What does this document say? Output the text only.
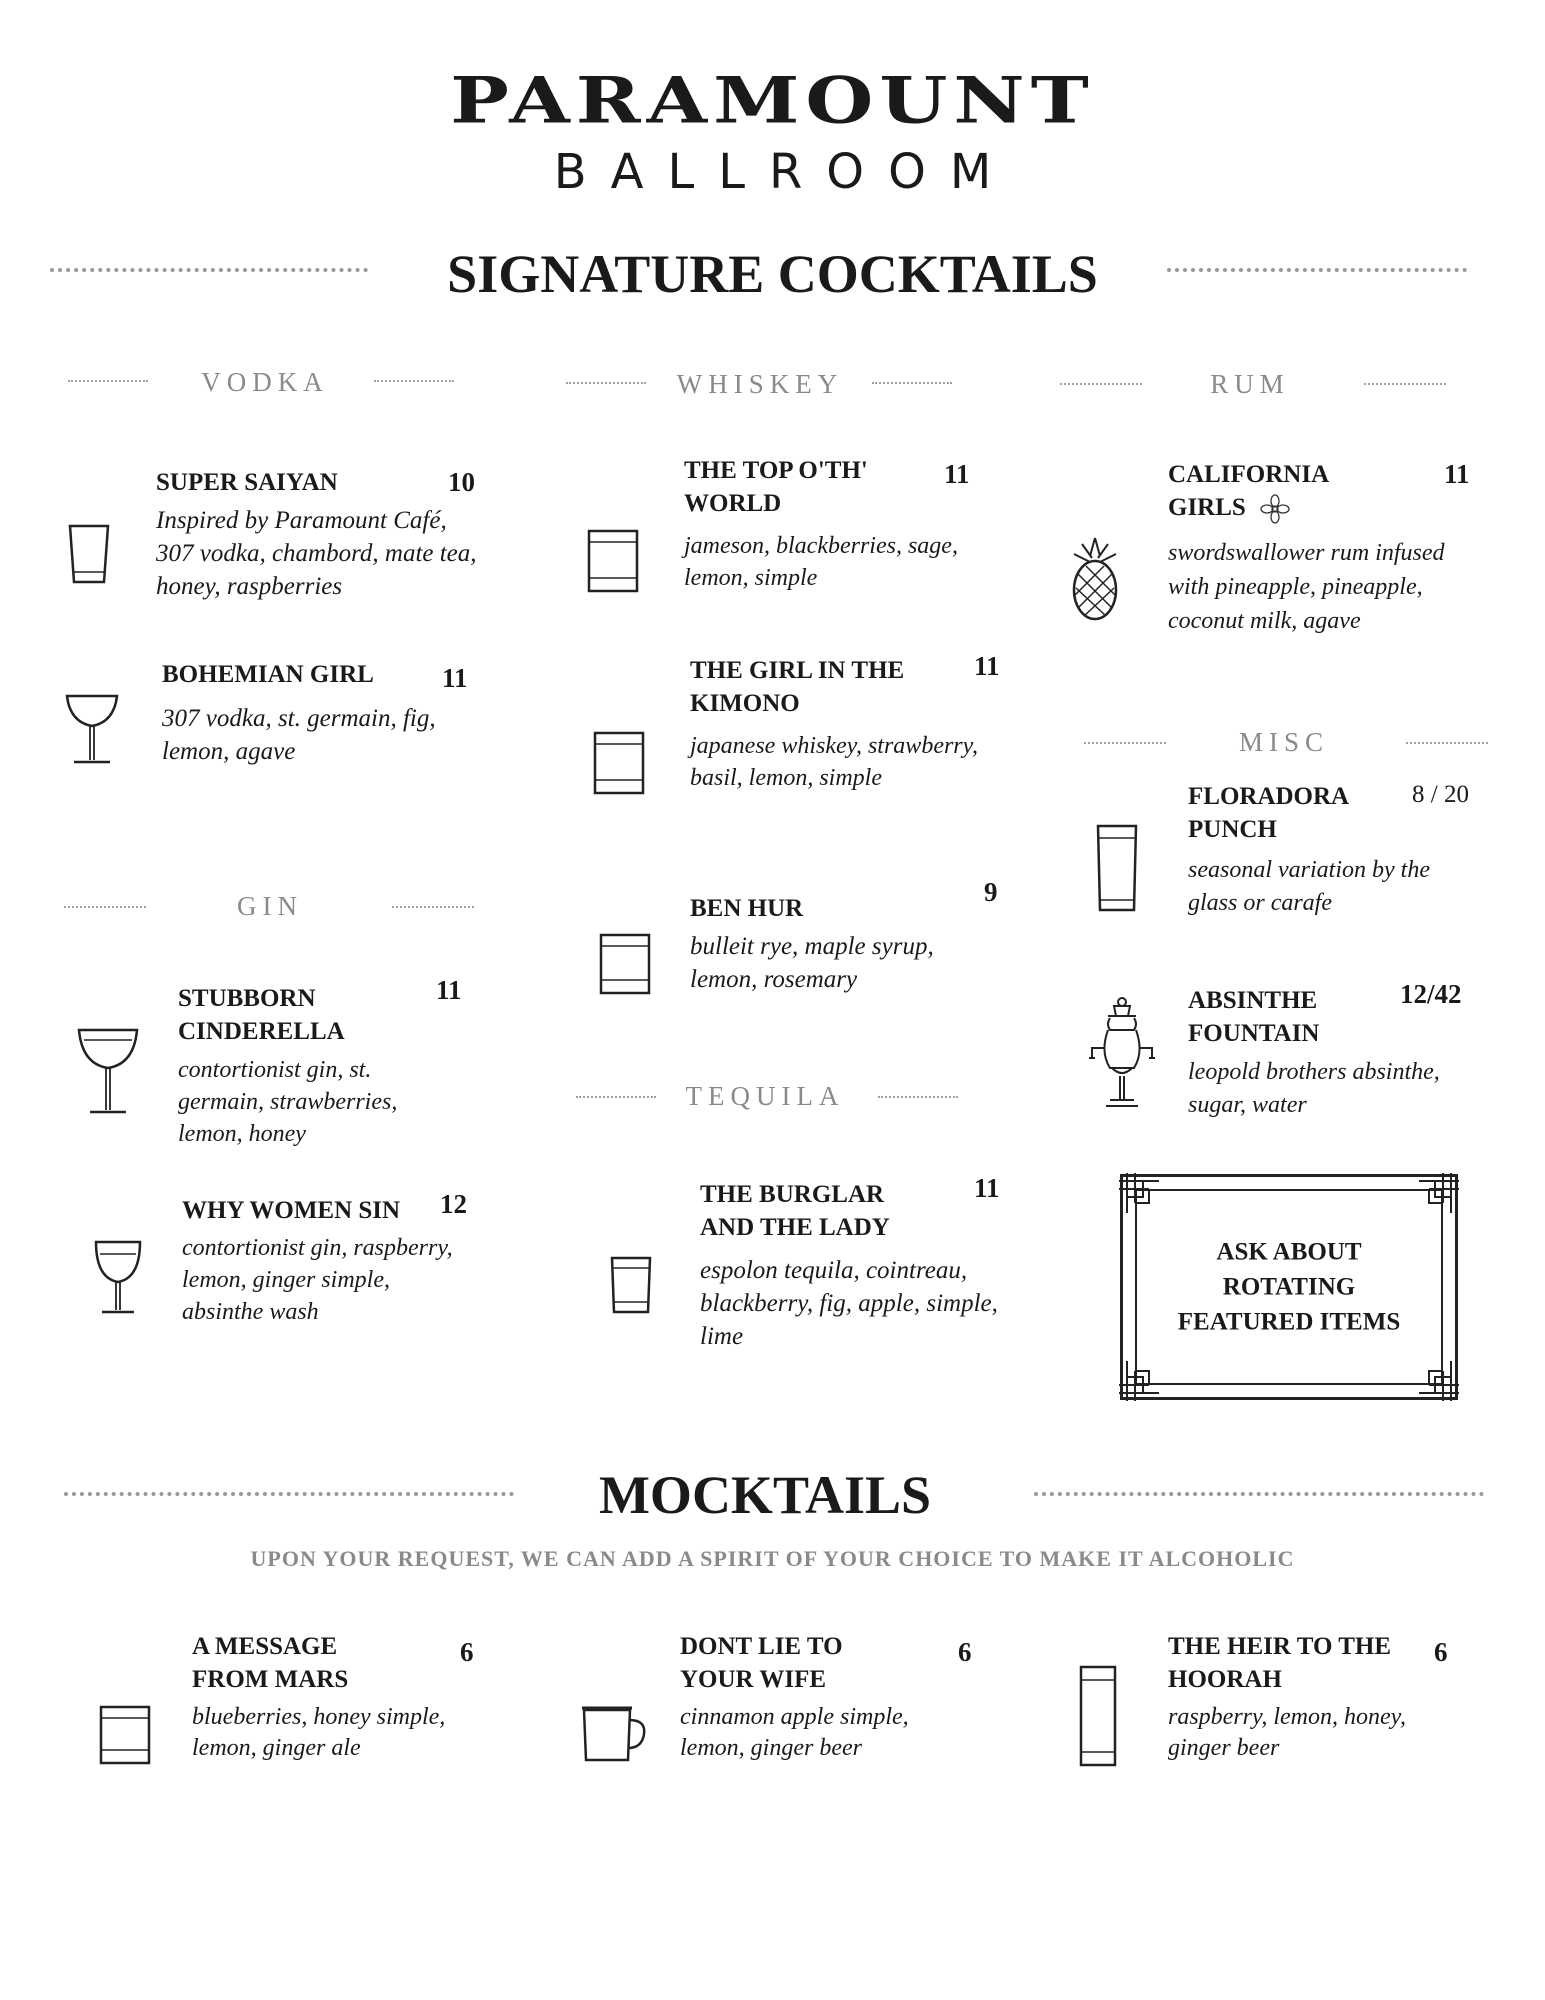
PARAMOUNT
BALLROOM
SIGNATURE COCKTAILS
VODKA
SUPER SAIYAN	10
Inspired by Paramount Café, 307 vodka, chambord, mate tea, honey, raspberries
BOHEMIAN GIRL	11
307 vodka, st. germain, fig, lemon, agave
GIN
STUBBORN
CINDERELLA
11
contortionist gin, st. germain, strawberries, lemon, honey
WHY WOMEN SIN	12
contortionist gin, raspberry, lemon, ginger simple, absinthe wash
WHISKEY
THE TOP O'TH'
WORLD
11
jameson, blackberries, sage, lemon, simple
THE GIRL IN THE
KIMONO
11
japanese whiskey, strawberry, basil, lemon, simple
BEN HUR
9
bulleit rye, maple syrup, lemon, rosemary
TEQUILA
THE BURGLAR
AND THE LADY
11
espolon tequila, cointreau, blackberry, fig, apple, simple, lime
RUM
CALIFORNIA
GIRLS
11
swordswallower rum infused with pineapple, pineapple, coconut milk, agave
MISC
FLORADORA
PUNCH
8 / 20
seasonal variation by the glass or carafe
ABSINTHE
FOUNTAIN
12/42
leopold brothers absinthe, sugar, water
ASK ABOUT
ROTATING
FEATURED ITEMS
MOCKTAILS
UPON YOUR REQUEST, WE CAN ADD A SPIRIT OF YOUR CHOICE TO MAKE IT ALCOHOLIC
A MESSAGE
FROM MARS
6
blueberries, honey simple, lemon, ginger ale
DONT LIE TO
YOUR WIFE
6
cinnamon apple simple, lemon, ginger beer
THE HEIR TO THE
HOORAH
6
raspberry, lemon, honey, ginger beer
